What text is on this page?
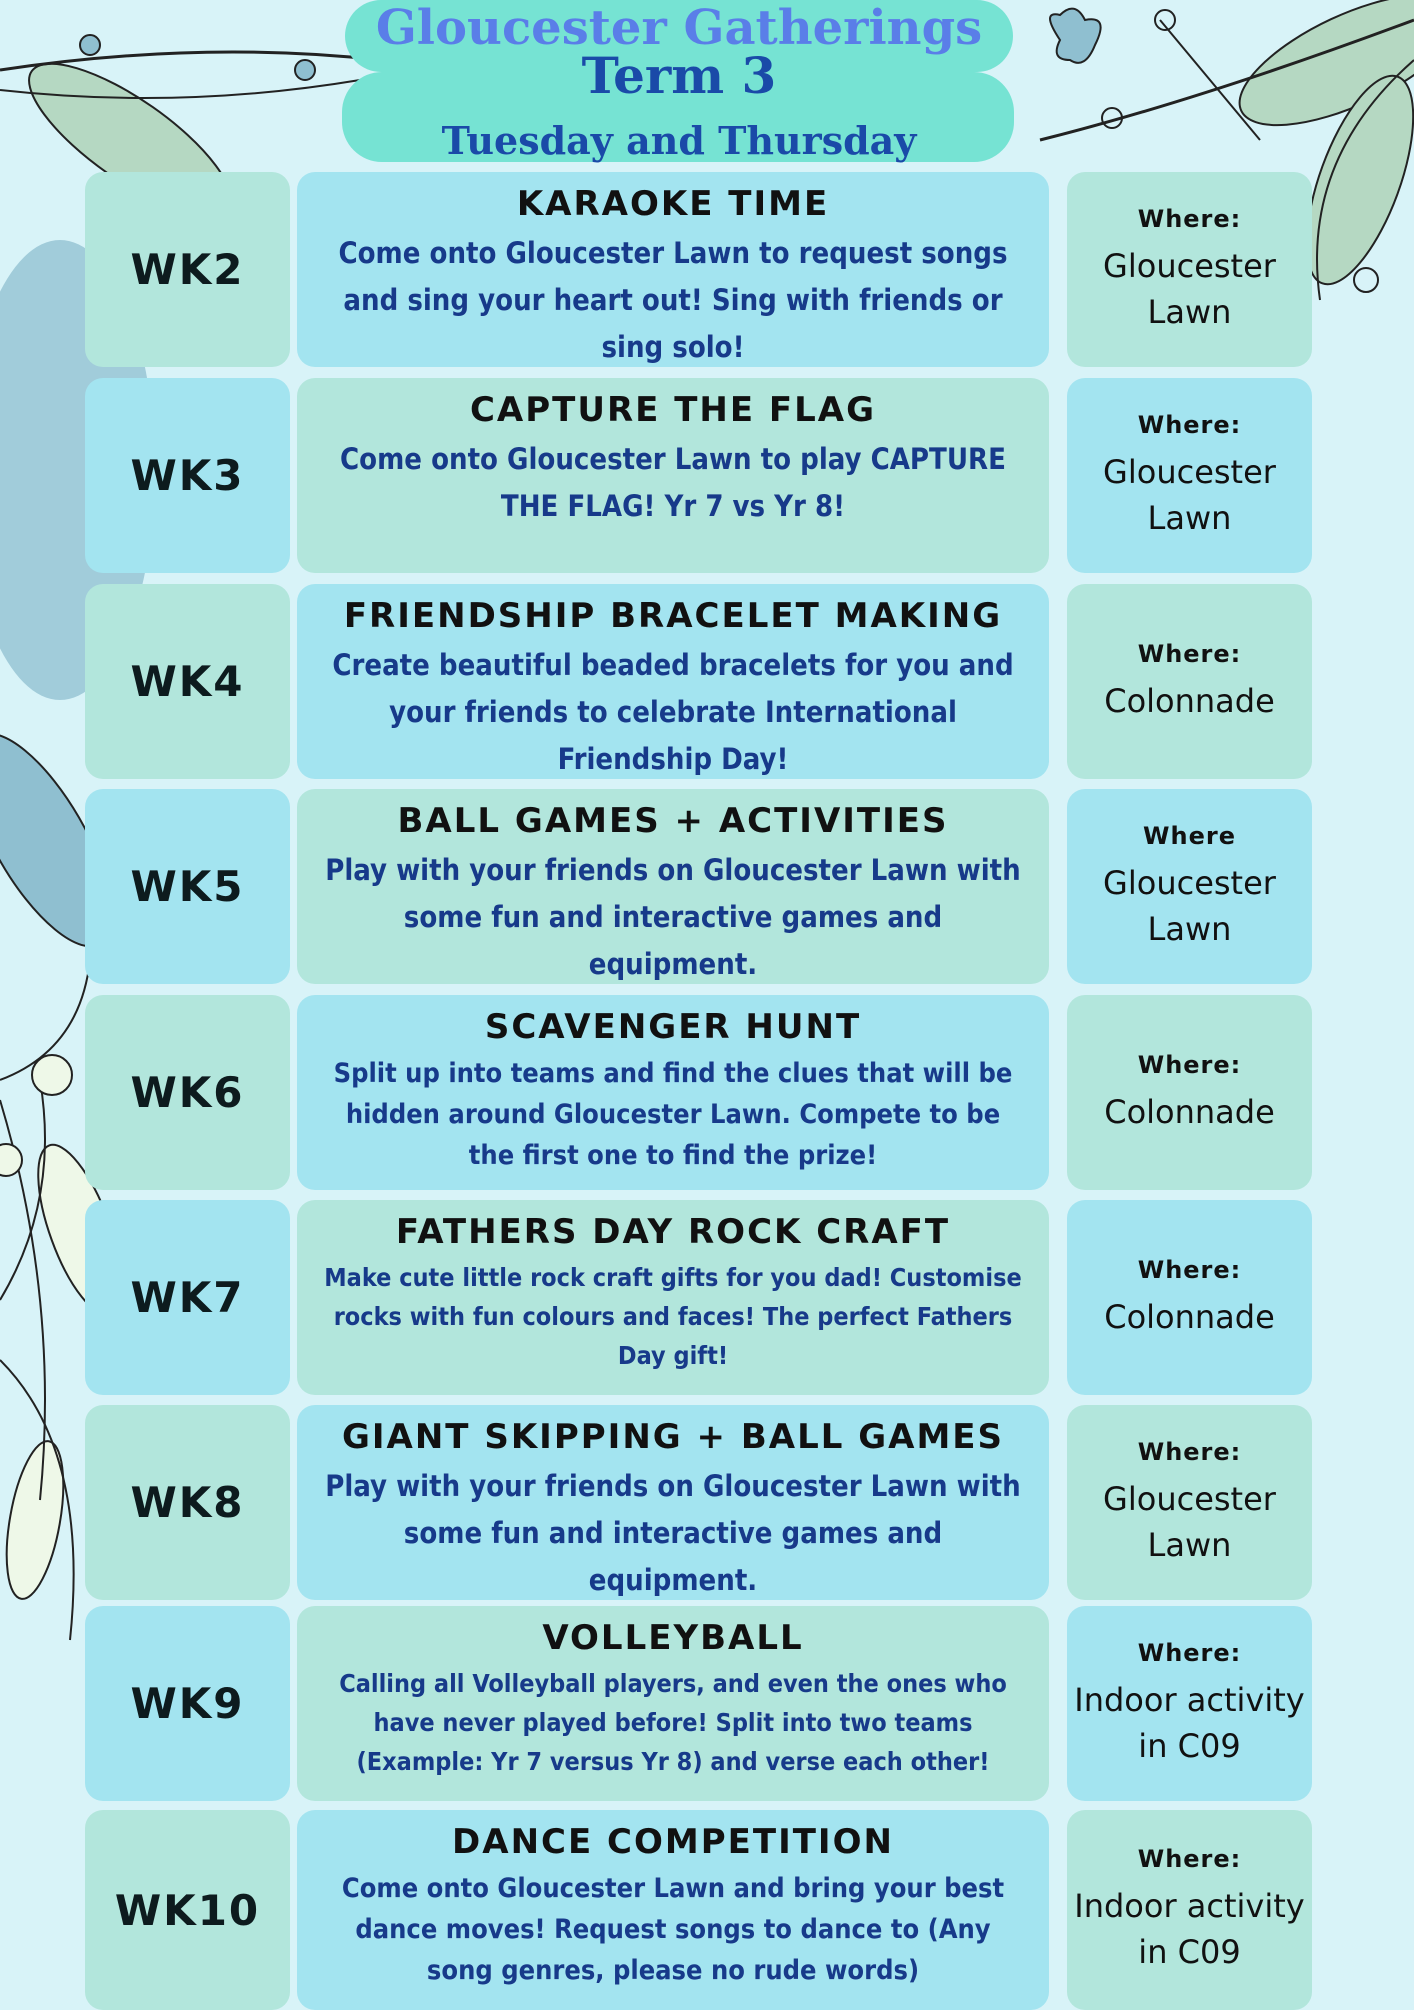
Gloucester Gatherings
Term 3
Tuesday and Thursday
WK2
KARAOKE TIME
Come onto Gloucester Lawn to request songs and sing your heart out! Sing with friends or sing solo!
Where:
Gloucester Lawn
WK3
CAPTURE THE FLAG
Come onto Gloucester Lawn to play CAPTURE THE FLAG! Yr 7 vs Yr 8!
Where:
Gloucester Lawn
WK4
FRIENDSHIP BRACELET MAKING
Create beautiful beaded bracelets for you and your friends to celebrate International Friendship Day!
Where:
Colonnade
WK5
BALL GAMES + ACTIVITIES
Play with your friends on Gloucester Lawn with some fun and interactive games and equipment.
Where
Gloucester Lawn
WK6
SCAVENGER HUNT
Split up into teams and find the clues that will be hidden around Gloucester Lawn. Compete to be the first one to find the prize!
Where:
Colonnade
WK7
FATHERS DAY ROCK CRAFT
Make cute little rock craft gifts for you dad! Customise rocks with fun colours and faces! The perfect Fathers Day gift!
Where:
Colonnade
WK8
GIANT SKIPPING + BALL GAMES
Play with your friends on Gloucester Lawn with some fun and interactive games and equipment.
Where:
Gloucester Lawn
WK9
VOLLEYBALL
Calling all Volleyball players, and even the ones who have never played before! Split into two teams (Example: Yr 7 versus Yr 8) and verse each other!
Where:
Indoor activity in C09
WK10
DANCE COMPETITION
Come onto Gloucester Lawn and bring your best dance moves! Request songs to dance to (Any song genres, please no rude words)
Where:
Indoor activity in C09
